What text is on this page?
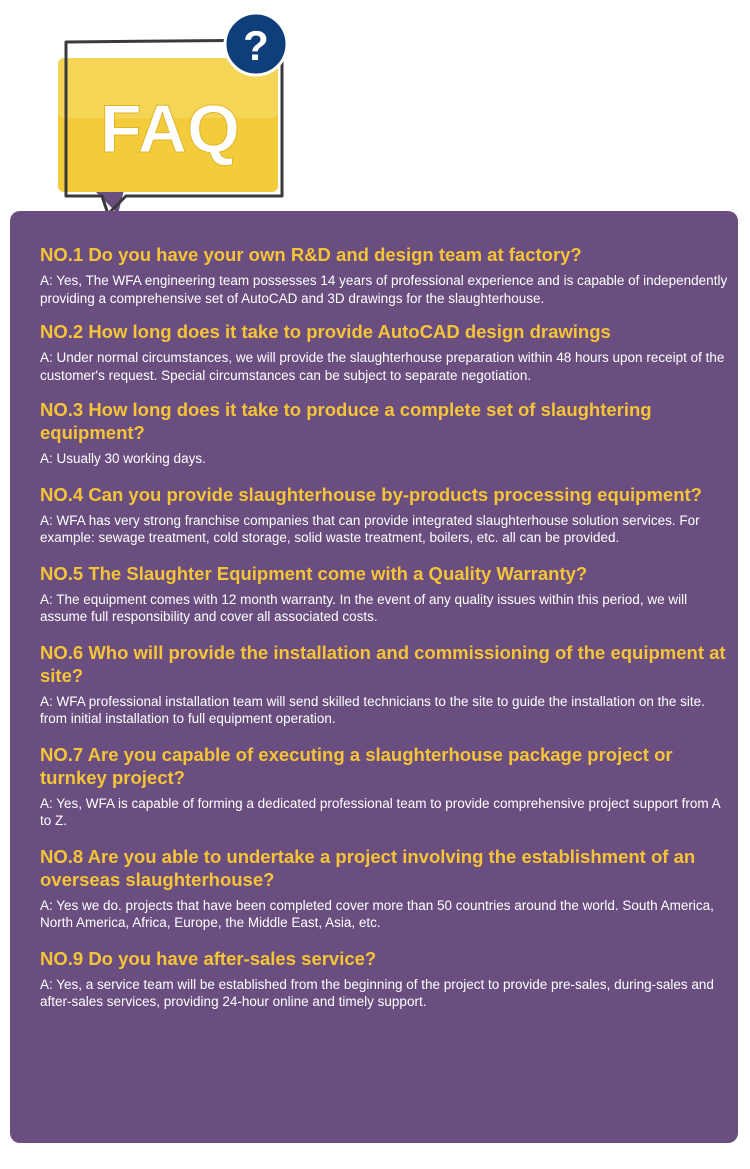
FAQ
?

NO.1 Do you have your own R&D and design team at factory?

A: Yes, The WFA engineering team possesses 14 years of professional experience and is capable of independently providing a comprehensive set of AutoCAD and 3D drawings for the slaughterhouse.

NO.2 How long does it take to provide AutoCAD design drawings

A: Under normal circumstances, we will provide the slaughterhouse preparation within 48 hours upon receipt of the customer's request. Special circumstances can be subject to separate negotiation.

NO.3 How long does it take to produce a complete set of slaughtering equipment?

A: Usually 30 working days.

NO.4 Can you provide slaughterhouse by-products processing equipment?

A: WFA has very strong franchise companies that can provide integrated slaughterhouse solution services. For example: sewage treatment, cold storage, solid waste treatment, boilers, etc. all can be provided.

NO.5 The Slaughter Equipment come with a Quality Warranty?

A: The equipment comes with 12 month warranty. In the event of any quality issues within this period, we will assume full responsibility and cover all associated costs.

NO.6 Who will provide the installation and commissioning of the equipment at site?

A: WFA professional installation team will send skilled technicians to the site to guide the installation on the site. from initial installation to full equipment operation.

NO.7 Are you capable of executing a slaughterhouse package project or turnkey project?

A: Yes, WFA is capable of forming a dedicated professional team to provide comprehensive project support from A to Z.

NO.8 Are you able to undertake a project involving the establishment of an overseas slaughterhouse?

A: Yes we do. projects that have been completed cover more than 50 countries around the world. South America, North America, Africa, Europe, the Middle East, Asia, etc.

NO.9 Do you have after-sales service?

A: Yes, a service team will be established from the beginning of the project to provide pre-sales, during-sales and after-sales services, providing 24-hour online and timely support.
